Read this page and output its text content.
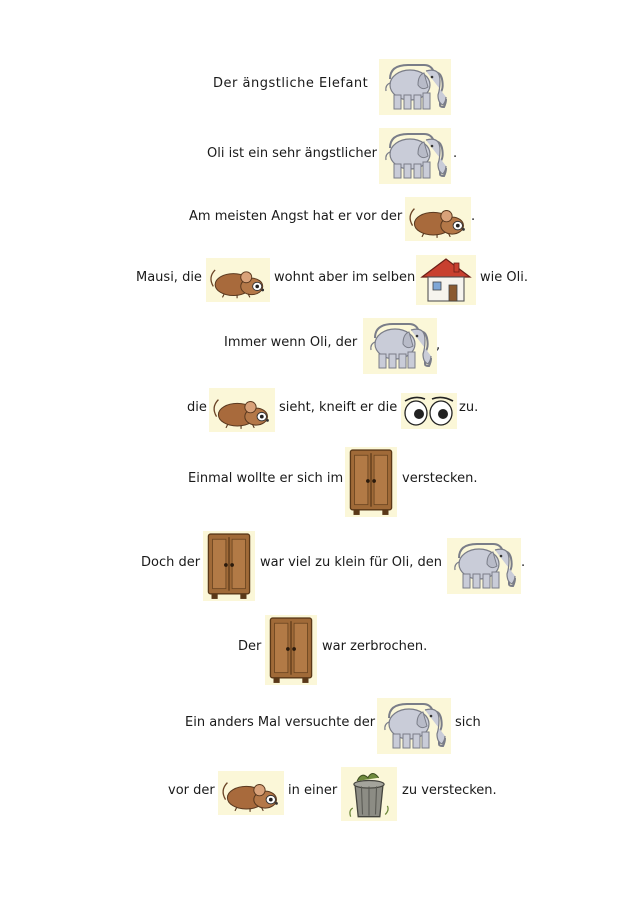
Der ängstliche Elefant
Oli ist ein sehr ängstlicher	.
Am meisten Angst hat er vor der	.
Mausi, die	wohnt aber im selben	wie Oli.
Immer wenn Oli, der	,
die	sieht, kneift er die	zu.
Einmal wollte er sich im	verstecken.
Doch der	war viel zu klein für Oli, den	.
Der	war zerbrochen.
Ein anders Mal versuchte der	sich
vor der	in einer	zu verstecken.
